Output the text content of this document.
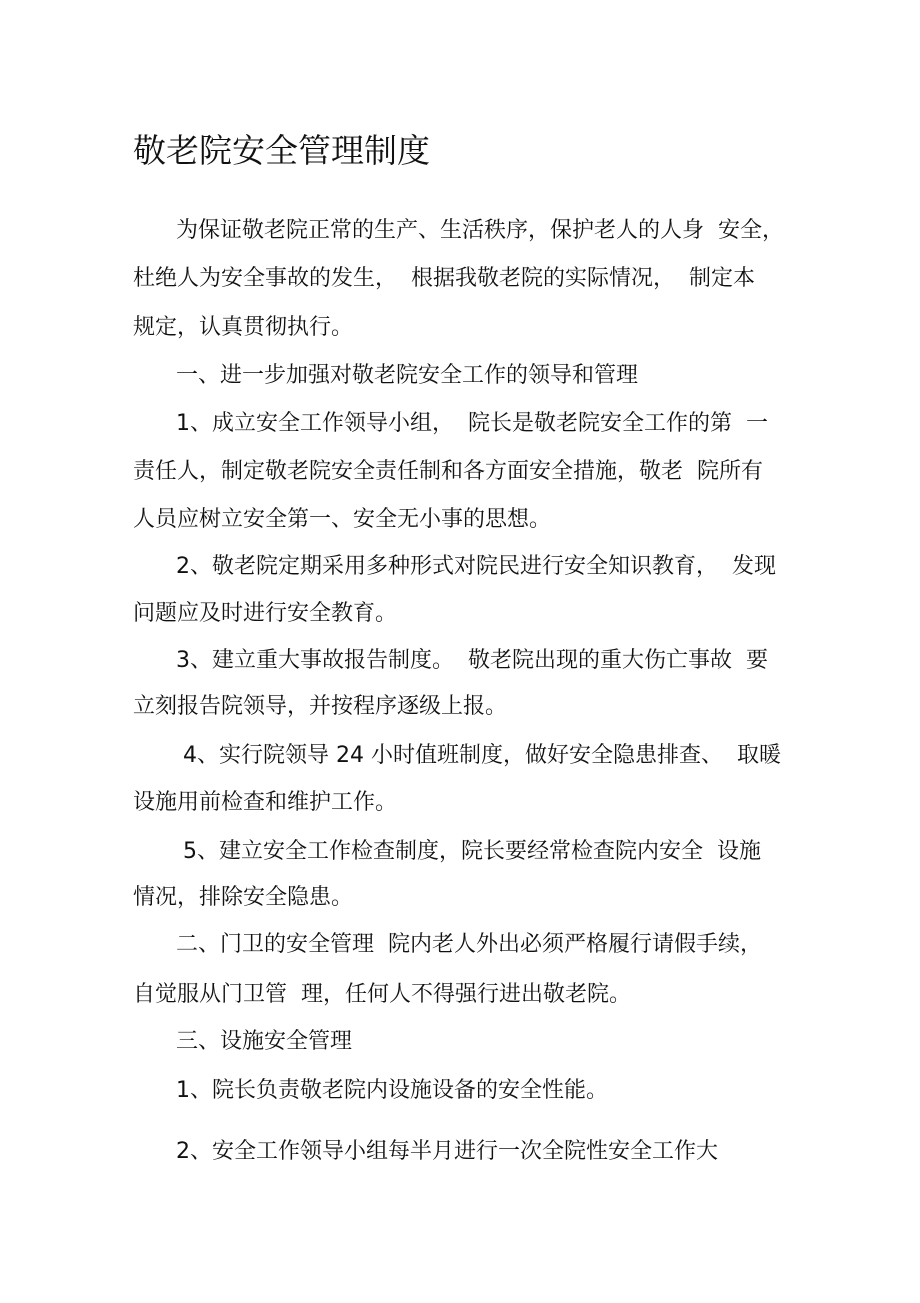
敬老院安全管理制度

为保证敬老院正常的生产、生活秩序，保护老人的人身  安全，

杜绝人为安全事故的发生，  根据我敬老院的实际情况，  制定本

规定，认真贯彻执行。

一、进一步加强对敬老院安全工作的领导和管理

1、成立安全工作领导小组，  院长是敬老院安全工作的第  一

责任人，制定敬老院安全责任制和各方面安全措施，敬老  院所有

人员应树立安全第一、安全无小事的思想。

2、敬老院定期采用多种形式对院民进行安全知识教育，  发现

问题应及时进行安全教育。

3、建立重大事故报告制度。  敬老院出现的重大伤亡事故  要

立刻报告院领导，并按程序逐级上报。

4、实行院领导 24 小时值班制度，做好安全隐患排查、  取暖

设施用前检查和维护工作。

5、建立安全工作检查制度，院长要经常检查院内安全  设施

情况，排除安全隐患。

二、门卫的安全管理  院内老人外出必须严格履行请假手续，

自觉服从门卫管  理，任何人不得强行进出敬老院。

三、设施安全管理

1、院长负责敬老院内设施设备的安全性能。

2、安全工作领导小组每半月进行一次全院性安全工作大
